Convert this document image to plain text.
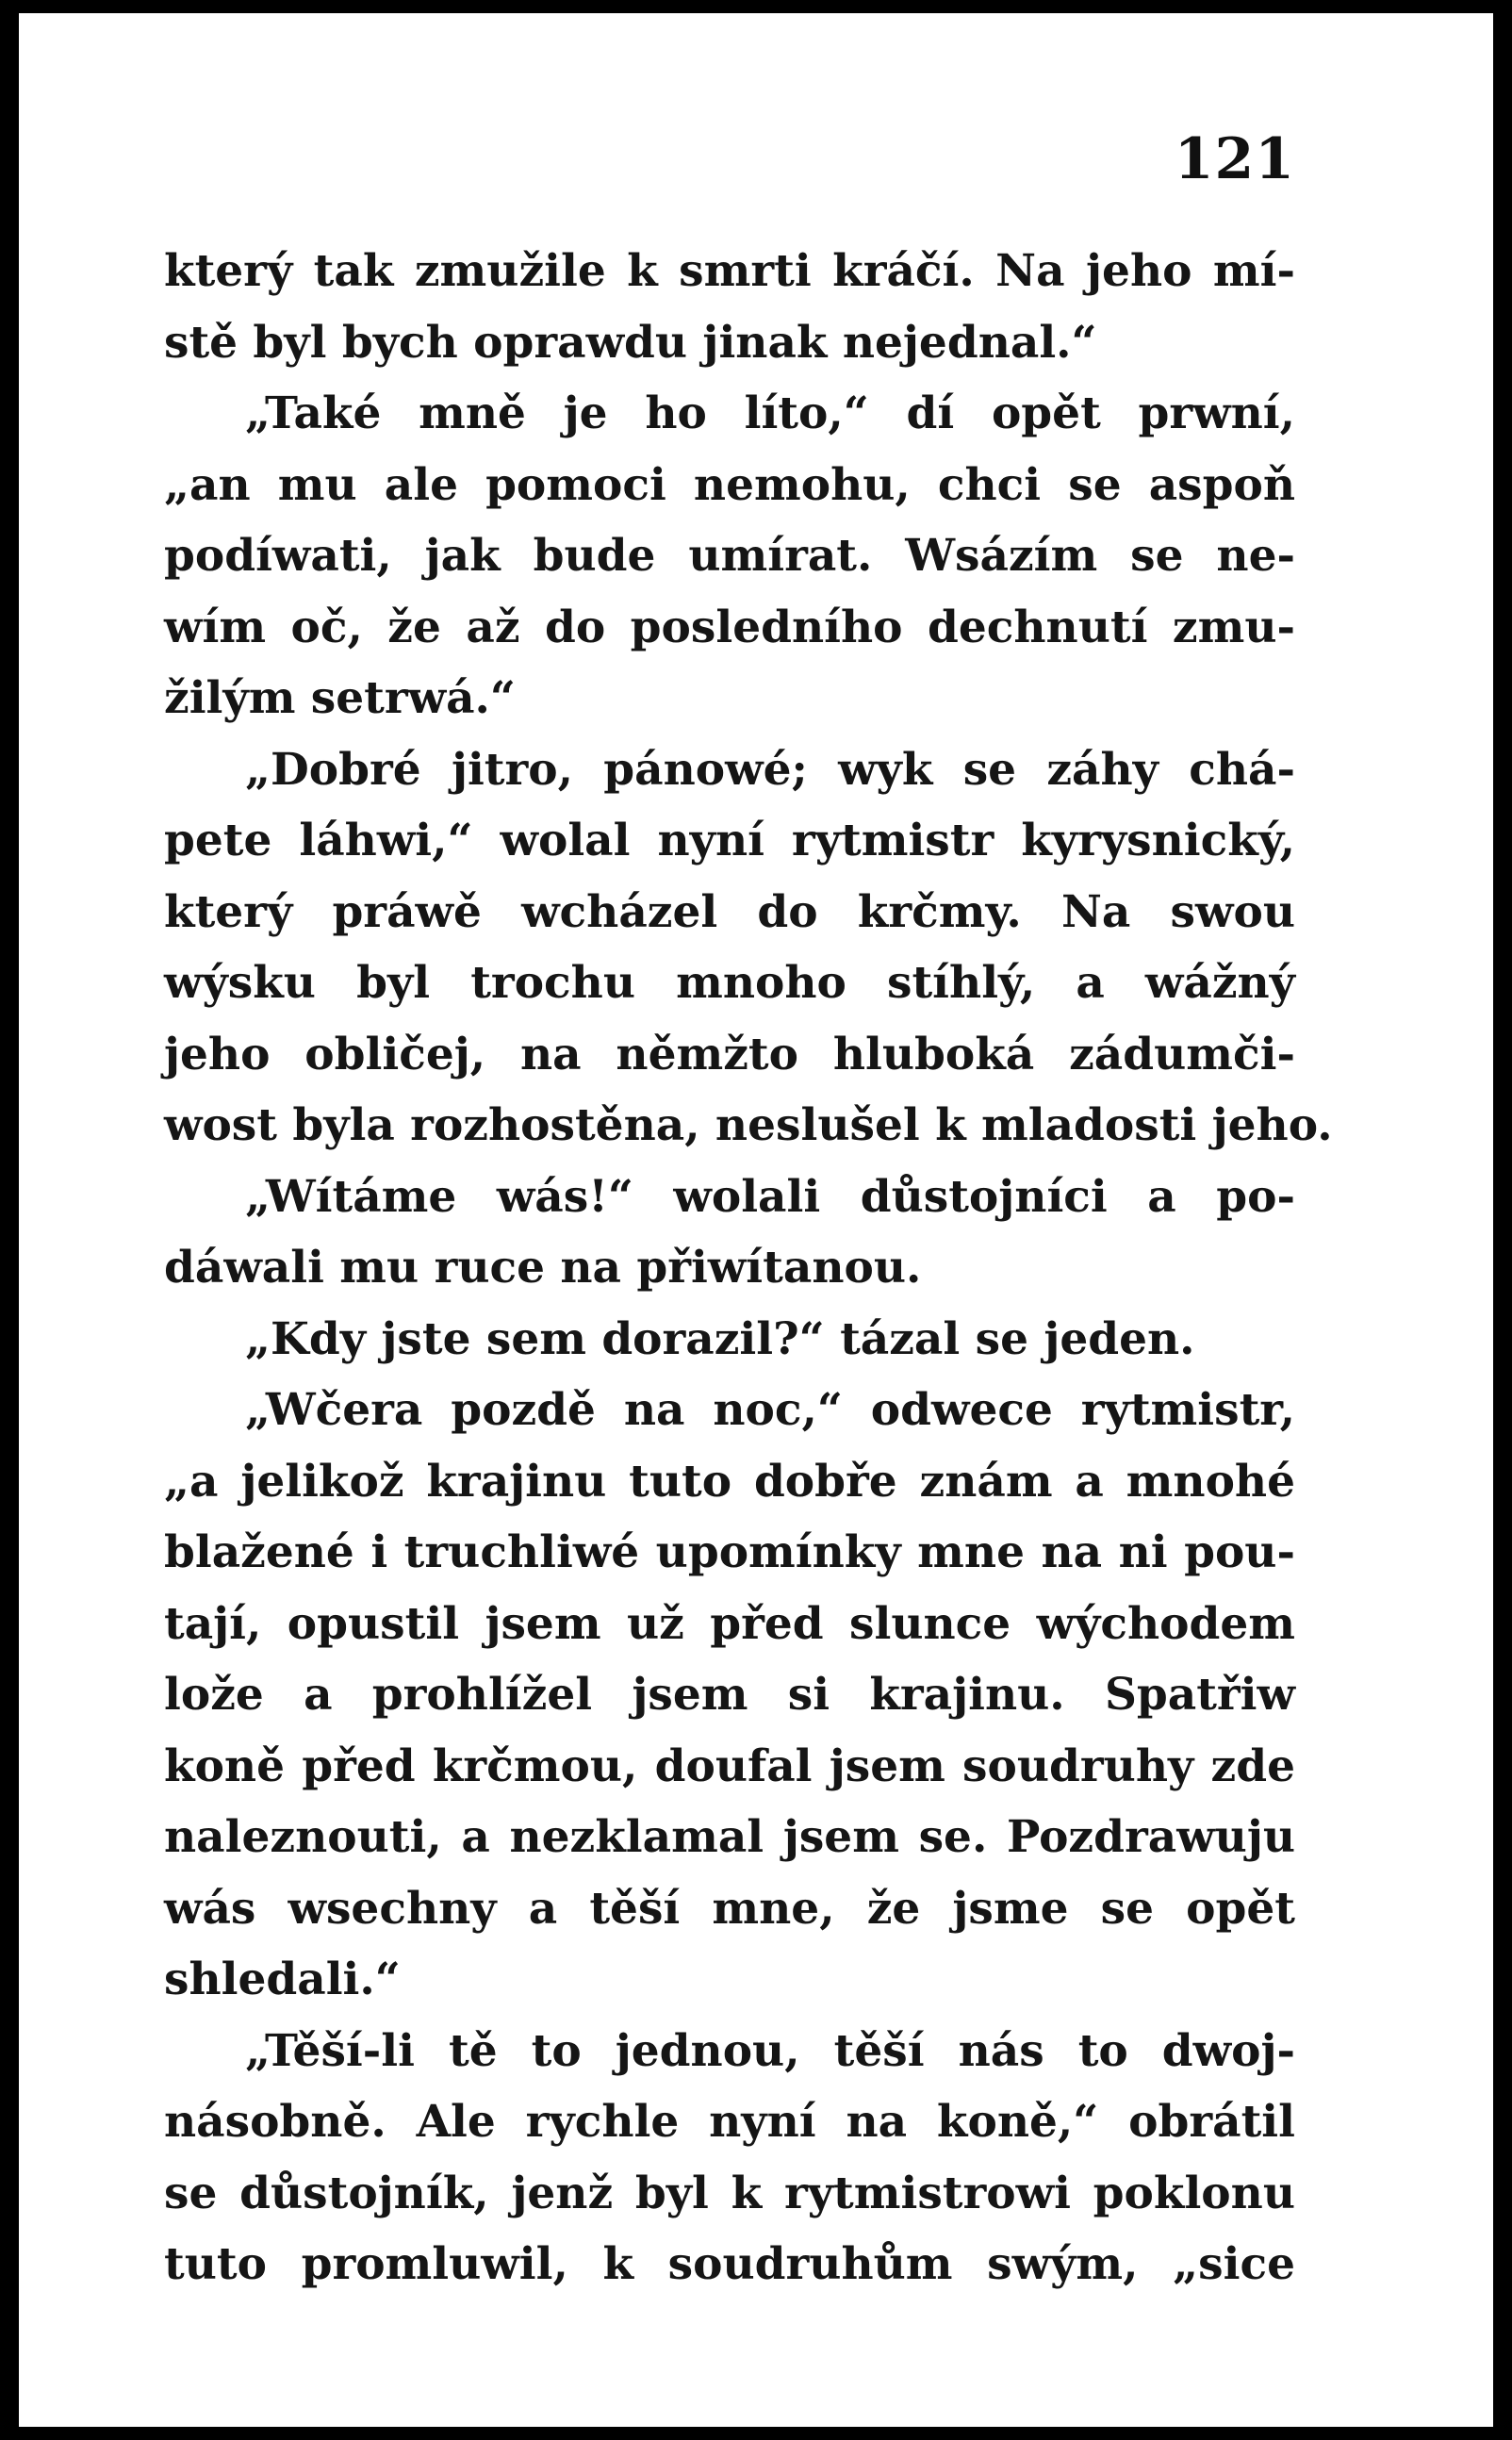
121
který tak zmužile k smrti kráčí. Na jeho mí-
stě byl bych oprawdu jinak nejednal.“
„Také mně je ho líto,“ dí opět prwní,
„an mu ale pomoci nemohu, chci se aspoň
podíwati, jak bude umírat. Wsázím se ne-
wím oč, že až do posledního dechnutí zmu-
žilým setrwá.“
„Dobré jitro, pánowé; wyk se záhy chá-
pete láhwi,“ wolal nyní rytmistr kyrysnický,
který práwě wcházel do krčmy. Na swou
wýsku byl trochu mnoho stíhlý, a wážný
jeho obličej, na němžto hluboká zádumči-
wost byla rozhostěna, neslušel k mladosti jeho.
„Wítáme wás!“ wolali důstojníci a po-
dáwali mu ruce na přiwítanou.
„Kdy jste sem dorazil?“ tázal se jeden.
„Wčera pozdě na noc,“ odwece rytmistr,
„a jelikož krajinu tuto dobře znám a mnohé
blažené i truchliwé upomínky mne na ni pou-
tají, opustil jsem už před slunce wýchodem
lože a prohlížel jsem si krajinu. Spatřiw
koně před krčmou, doufal jsem soudruhy zde
naleznouti, a nezklamal jsem se. Pozdrawuju
wás wsechny a těší mne, že jsme se opět
shledali.“
„Těší-li tě to jednou, těší nás to dwoj-
násobně. Ale rychle nyní na koně,“ obrátil
se důstojník, jenž byl k rytmistrowi poklonu
tuto promluwil, k soudruhům swým, „sice
